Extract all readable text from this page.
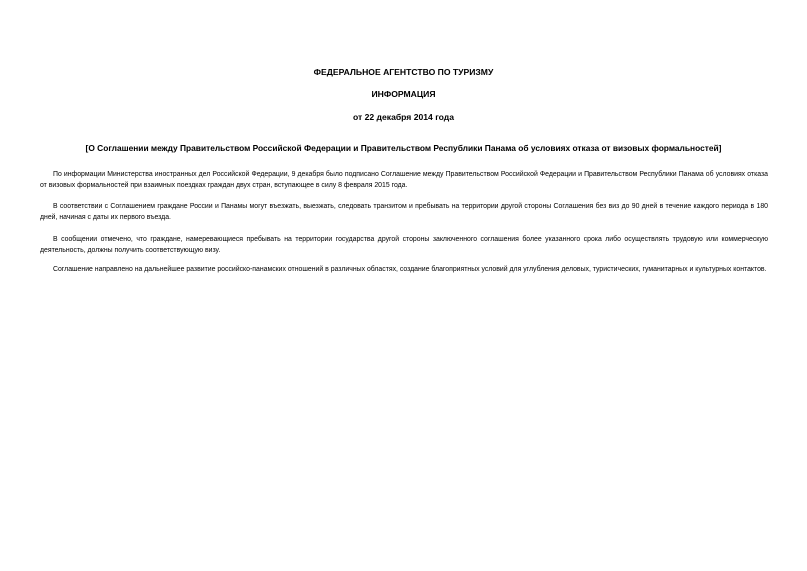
ФЕДЕРАЛЬНОЕ АГЕНТСТВО ПО ТУРИЗМУ
ИНФОРМАЦИЯ
от 22 декабря 2014 года
[О Соглашении между Правительством Российской Федерации и Правительством Республики Панама об условиях отказа от визовых формальностей]

По информации Министерства иностранных дел Российской Федерации, 9 декабря было подписано Соглашение между Правительством Российской Федерации и Правительством Республики Панама об условиях отказа от визовых формальностей при взаимных поездках граждан двух стран, вступающее в силу 8 февраля 2015 года.

В соответствии с Соглашением граждане России и Панамы могут въезжать, выезжать, следовать транзитом и пребывать на территории другой стороны Соглашения без виз до 90 дней в течение каждого периода в 180 дней, начиная с даты их первого въезда.

В сообщении отмечено, что граждане, намеревающиеся пребывать на территории государства другой стороны заключенного соглашения более указанного срока либо осуществлять трудовую или коммерческую деятельность, должны получить соответствующую визу.

Соглашение направлено на дальнейшее развитие российско-панамских отношений в различных областях, создание благоприятных условий для углубления деловых, туристических, гуманитарных и культурных контактов.
